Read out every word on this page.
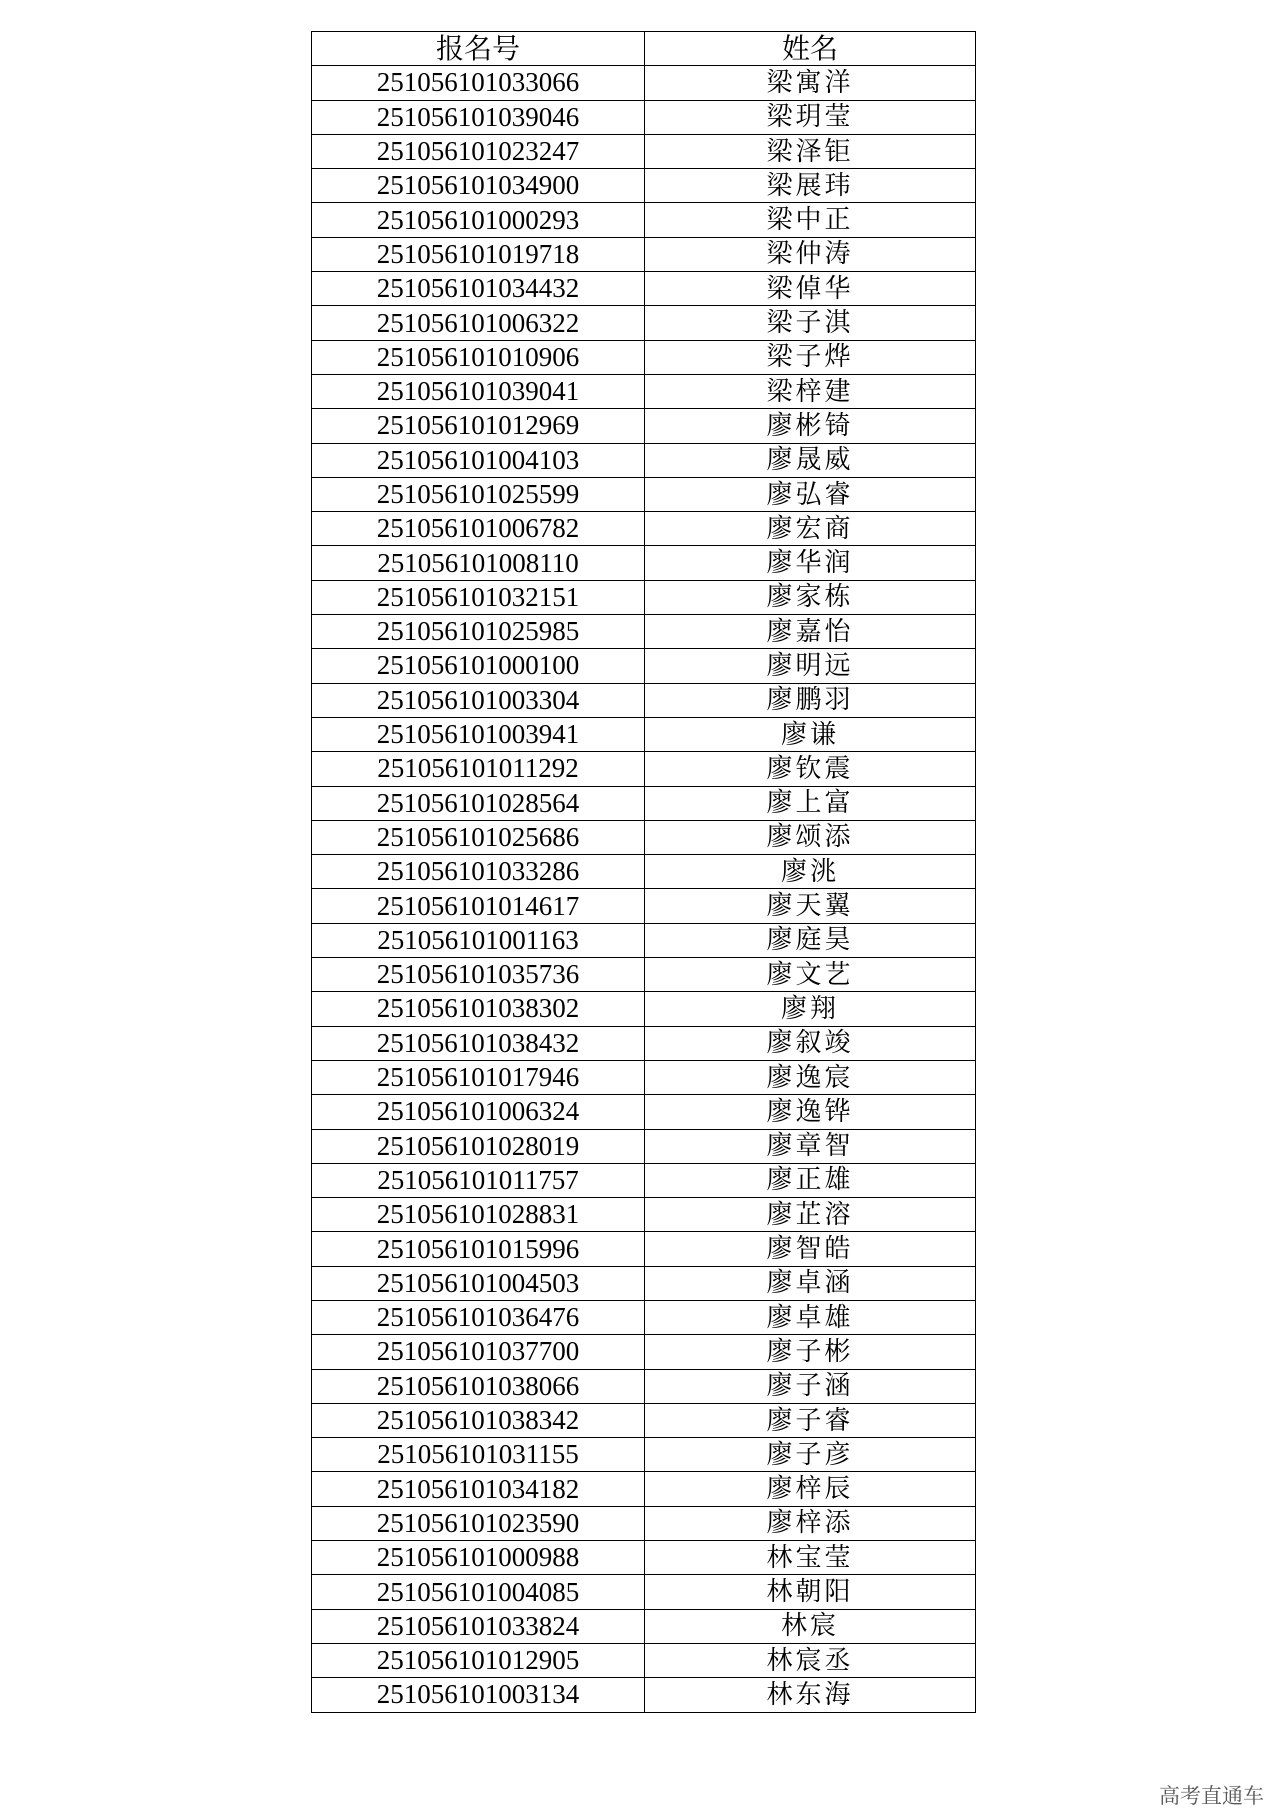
报名号	姓名
251056101033066	梁寓洋
251056101039046	梁玥莹
251056101023247	梁泽钜
251056101034900	梁展玮
251056101000293	梁中正
251056101019718	梁仲涛
251056101034432	梁倬华
251056101006322	梁子淇
251056101010906	梁子烨
251056101039041	梁梓建
251056101012969	廖彬锜
251056101004103	廖晟威
251056101025599	廖弘睿
251056101006782	廖宏商
251056101008110	廖华润
251056101032151	廖家栋
251056101025985	廖嘉怡
251056101000100	廖明远
251056101003304	廖鹏羽
251056101003941	廖谦
251056101011292	廖钦震
251056101028564	廖上富
251056101025686	廖颂添
251056101033286	廖洮
251056101014617	廖天翼
251056101001163	廖庭昊
251056101035736	廖文艺
251056101038302	廖翔
251056101038432	廖叙竣
251056101017946	廖逸宸
251056101006324	廖逸铧
251056101028019	廖章智
251056101011757	廖正雄
251056101028831	廖芷溶
251056101015996	廖智皓
251056101004503	廖卓涵
251056101036476	廖卓雄
251056101037700	廖子彬
251056101038066	廖子涵
251056101038342	廖子睿
251056101031155	廖子彦
251056101034182	廖梓辰
251056101023590	廖梓添
251056101000988	林宝莹
251056101004085	林朝阳
251056101033824	林宸
251056101012905	林宸丞
251056101003134	林东海
高考直通车
